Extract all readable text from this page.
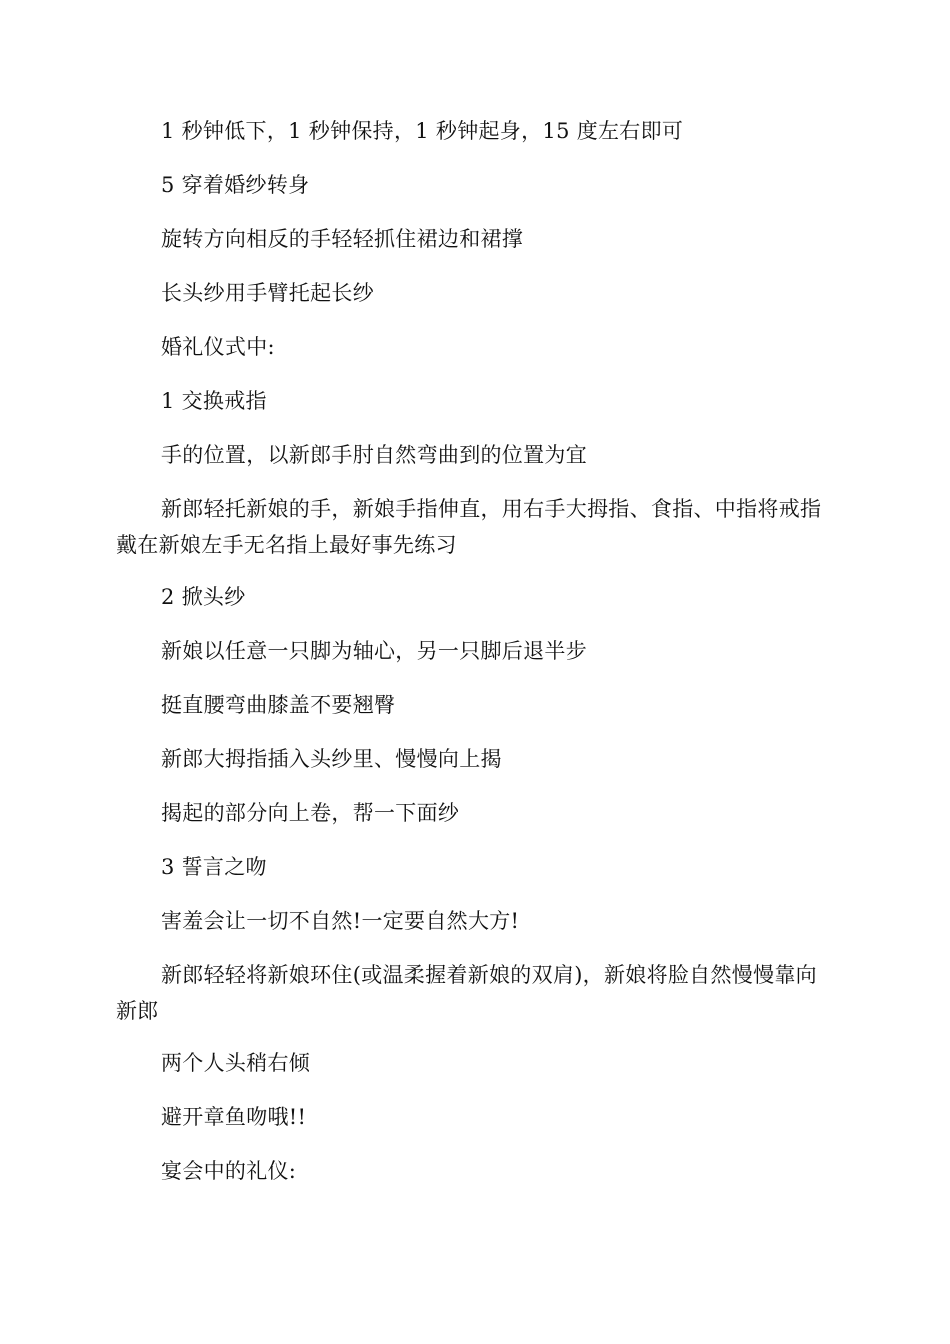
1 秒钟低下，1 秒钟保持，1 秒钟起身，15 度左右即可

5 穿着婚纱转身

旋转方向相反的手轻轻抓住裙边和裙撑

长头纱用手臂托起长纱

婚礼仪式中:

1 交换戒指

手的位置，以新郎手肘自然弯曲到的位置为宜

新郎轻托新娘的手，新娘手指伸直，用右手大拇指、食指、中指将戒指戴在新娘左手无名指上最好事先练习

2 掀头纱

新娘以任意一只脚为轴心，另一只脚后退半步

挺直腰弯曲膝盖不要翘臀

新郎大拇指插入头纱里、慢慢向上揭

揭起的部分向上卷，帮一下面纱

3 誓言之吻

害羞会让一切不自然!一定要自然大方!

新郎轻轻将新娘环住(或温柔握着新娘的双肩)，新娘将脸自然慢慢靠向新郎

两个人头稍右倾

避开章鱼吻哦!!

宴会中的礼仪:
